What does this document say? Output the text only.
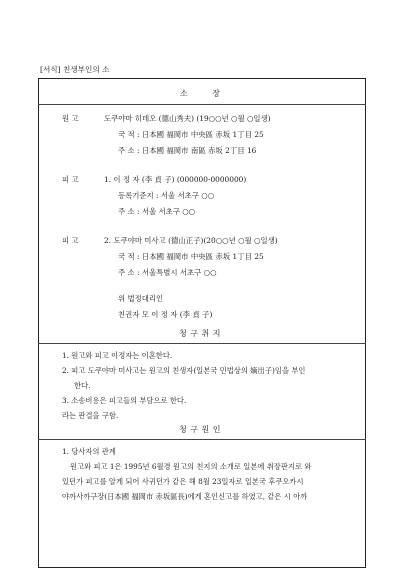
[서식] 친생부인의 소
소 장
원 고	도쿠야마 히데오 (德山秀夫) (19○○년 ○월 ○일생)
국 적 : 日本國 福岡市 中央區 赤坂 1丁目 25
주 소 : 日本國 福岡市 南區 赤坂 2丁目 16
피 고	1. 이 정 자 (李 貞 子) (000000-0000000)
등록기준지 : 서울 서초구 ○○
주 소 : 서울 서초구 ○○
피 고	2. 도쿠야마 미사고 (德山正子)(20○○년 ○월 ○일생)
국 적 : 日本國 福岡市 中央區 赤坂 1丁目 25
주 소 : 서울특별시 서초구 ○○
위 법정대리인
친권자 모 이 정 자 (李 貞 子)
청 구 취 지
1. 원고와 피고 이정자는 이혼한다.
2. 피고 도쿠야마 미사고는 원고의 친생자(일본국 민법상의 嫡出子)임을 부인
한다.
3. 소송비용은 피고들의 부담으로 한다.
라는 판결을 구함.
청 구 원 인
1. 당사자의 관계
원고와 피고 1은 1995년 6월경 원고의 친지의 소개로 일본에 취장판지로 와
있던가 피고를 알게 되어 사귀던가 같은 해 8월 23일자로 일본국 후쿠오카시
야까사까구장(日本國 福岡市 赤坂區長)에게 혼인신고를 하였고, 같은 시 아까
